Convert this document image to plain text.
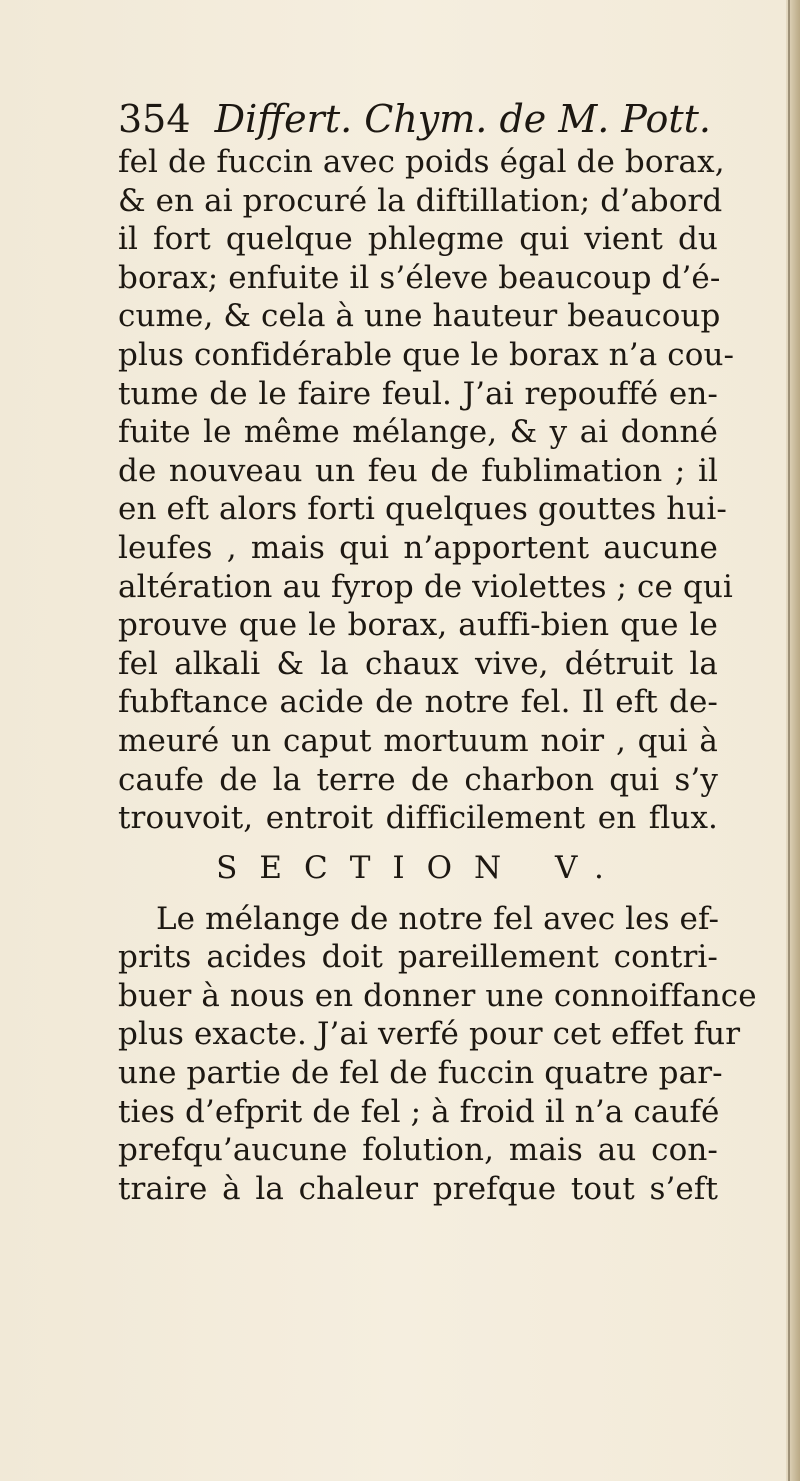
354 Differt. Chym. de M. Pott.
fel de fuccin avec poids égal de borax,
& en ai procuré la diftillation; d’abord
il fort quelque phlegme qui vient du
borax; enfuite il s’éleve beaucoup d’é-
cume, & cela à une hauteur beaucoup
plus confidérable que le borax n’a cou-
tume de le faire feul. J’ai repouffé en-
fuite le même mélange, & y ai donné
de nouveau un feu de fublimation ; il
en eft alors forti quelques gouttes hui-
leufes , mais qui n’apportent aucune
altération au fyrop de violettes ; ce qui
prouve que le borax, auffi-bien que le
fel alkali & la chaux vive, détruit la
fubftance acide de notre fel. Il eft de-
meuré un caput mortuum noir , qui à
caufe de la terre de charbon qui s’y
trouvoit, entroit difficilement en flux.
SECTION V.
Le mélange de notre fel avec les ef-
prits acides doit pareillement contri-
buer à nous en donner une connoiffance
plus exacte. J’ai verfé pour cet effet fur
une partie de fel de fuccin quatre par-
ties d’efprit de fel ; à froid il n’a caufé
prefqu’aucune folution, mais au con-
traire à la chaleur prefque tout s’eft
